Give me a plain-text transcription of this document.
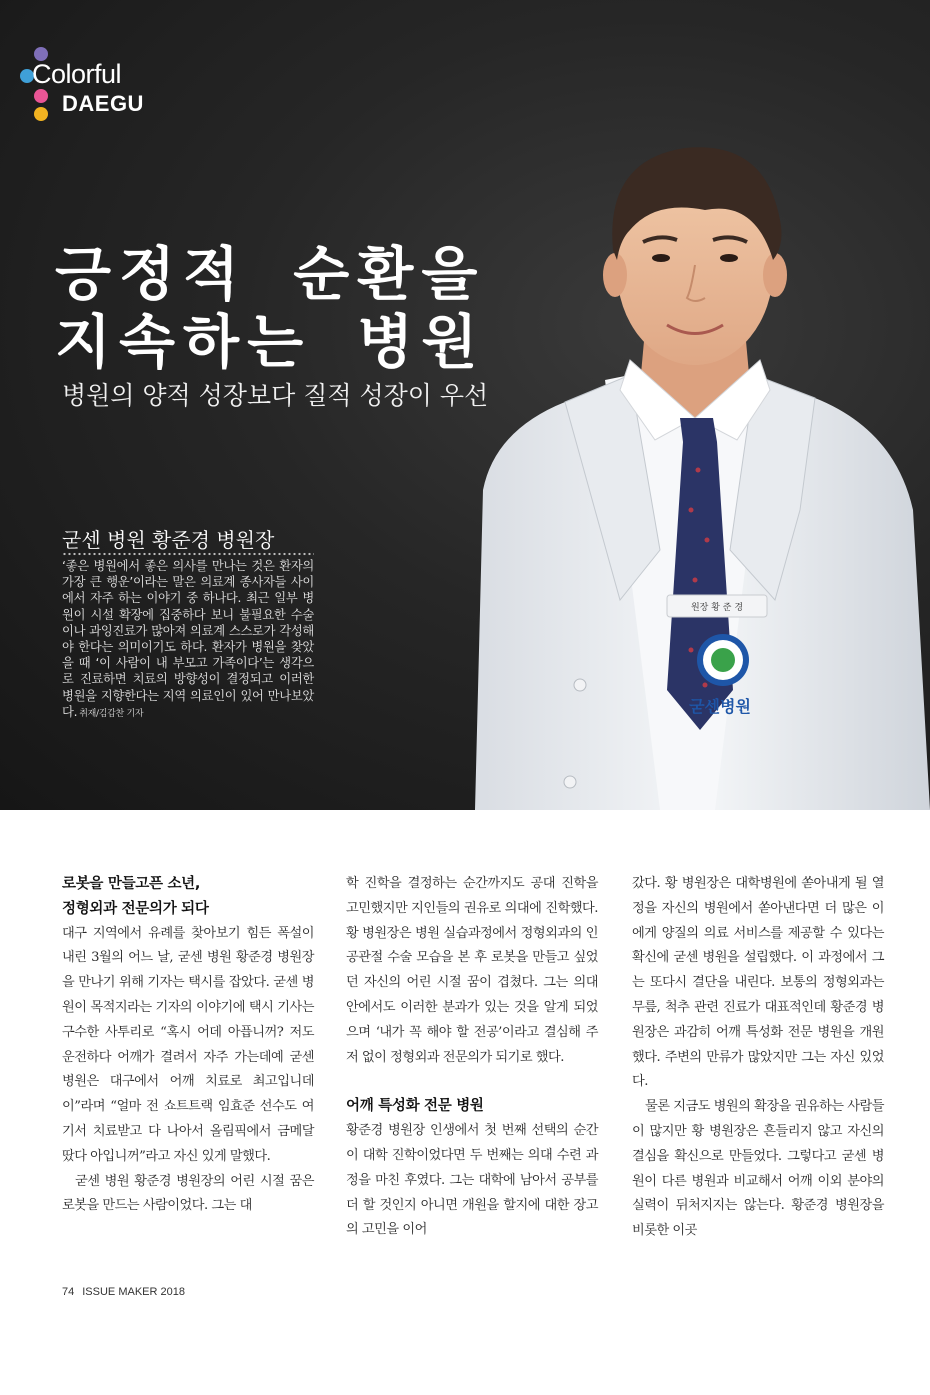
Colorful
DAEGU
긍정적 순환을
지속하는 병원
병원의 양적 성장보다 질적 성장이 우선
굳센 병원 황준경 병원장
‘좋은 병원에서 좋은 의사를 만나는 것은 환자의 가장 큰 행운’이라는 말은 의료계 종사자들 사이에서 자주 하는 이야기 중 하나다. 최근 일부 병원이 시설 확장에 집중하다 보니 불필요한 수술이나 과잉진료가 많아져 의료계 스스로가 각성해야 한다는 의미이기도 하다. 환자가 병원을 찾았을 때 ‘이 사람이 내 부모고 가족이다’는 생각으로 진료하면 치료의 방향성이 결정되고 이러한 병원을 지향한다는 지역 의료인이 있어 만나보았다. 취재/김갑찬 기자
원장 황 준 경
굳센병원
로봇을 만들고픈 소년,
정형외과 전문의가 되다

대구 지역에서 유례를 찾아보기 힘든 폭설이 내린 3월의 어느 날, 굳센 병원 황준경 병원장을 만나기 위해 기자는 택시를 잡았다. 굳센 병원이 목적지라는 기자의 이야기에 택시 기사는 구수한 사투리로 “혹시 어데 아픕니꺼? 저도 운전하다 어깨가 결려서 자주 가는데예 굳센 병원은 대구에서 어깨 치료로 최고입니데이”라며 “얼마 전 쇼트트랙 임효준 선수도 여기서 치료받고 다 나아서 올림픽에서 금메달 땄다 아입니꺼”라고 자신 있게 말했다.

굳센 병원 황준경 병원장의 어린 시절 꿈은 로봇을 만드는 사람이었다. 그는 대

학 진학을 결정하는 순간까지도 공대 진학을 고민했지만 지인들의 권유로 의대에 진학했다. 황 병원장은 병원 실습과정에서 정형외과의 인공관절 수술 모습을 본 후 로봇을 만들고 싶었던 자신의 어린 시절 꿈이 겹쳤다. 그는 의대 안에서도 이러한 분과가 있는 것을 알게 되었으며 ‘내가 꼭 해야 할 전공’이라고 결심해 주저 없이 정형외과 전문의가 되기로 했다.

어깨 특성화 전문 병원

황준경 병원장 인생에서 첫 번째 선택의 순간이 대학 진학이었다면 두 번째는 의대 수련 과정을 마친 후였다. 그는 대학에 남아서 공부를 더 할 것인지 아니면 개원을 할지에 대한 장고의 고민을 이어

갔다. 황 병원장은 대학병원에 쏟아내게 될 열정을 자신의 병원에서 쏟아낸다면 더 많은 이에게 양질의 의료 서비스를 제공할 수 있다는 확신에 굳센 병원을 설립했다. 이 과정에서 그는 또다시 결단을 내린다. 보통의 정형외과는 무릎, 척추 관련 진료가 대표적인데 황준경 병원장은 과감히 어깨 특성화 전문 병원을 개원했다. 주변의 만류가 많았지만 그는 자신 있었다.

물론 지금도 병원의 확장을 권유하는 사람들이 많지만 황 병원장은 흔들리지 않고 자신의 결심을 확신으로 만들었다. 그렇다고 굳센 병원이 다른 병원과 비교해서 어깨 이외 분야의 실력이 뒤처지지는 않는다. 황준경 병원장을 비롯한 이곳

74 ISSUE MAKER 2018
